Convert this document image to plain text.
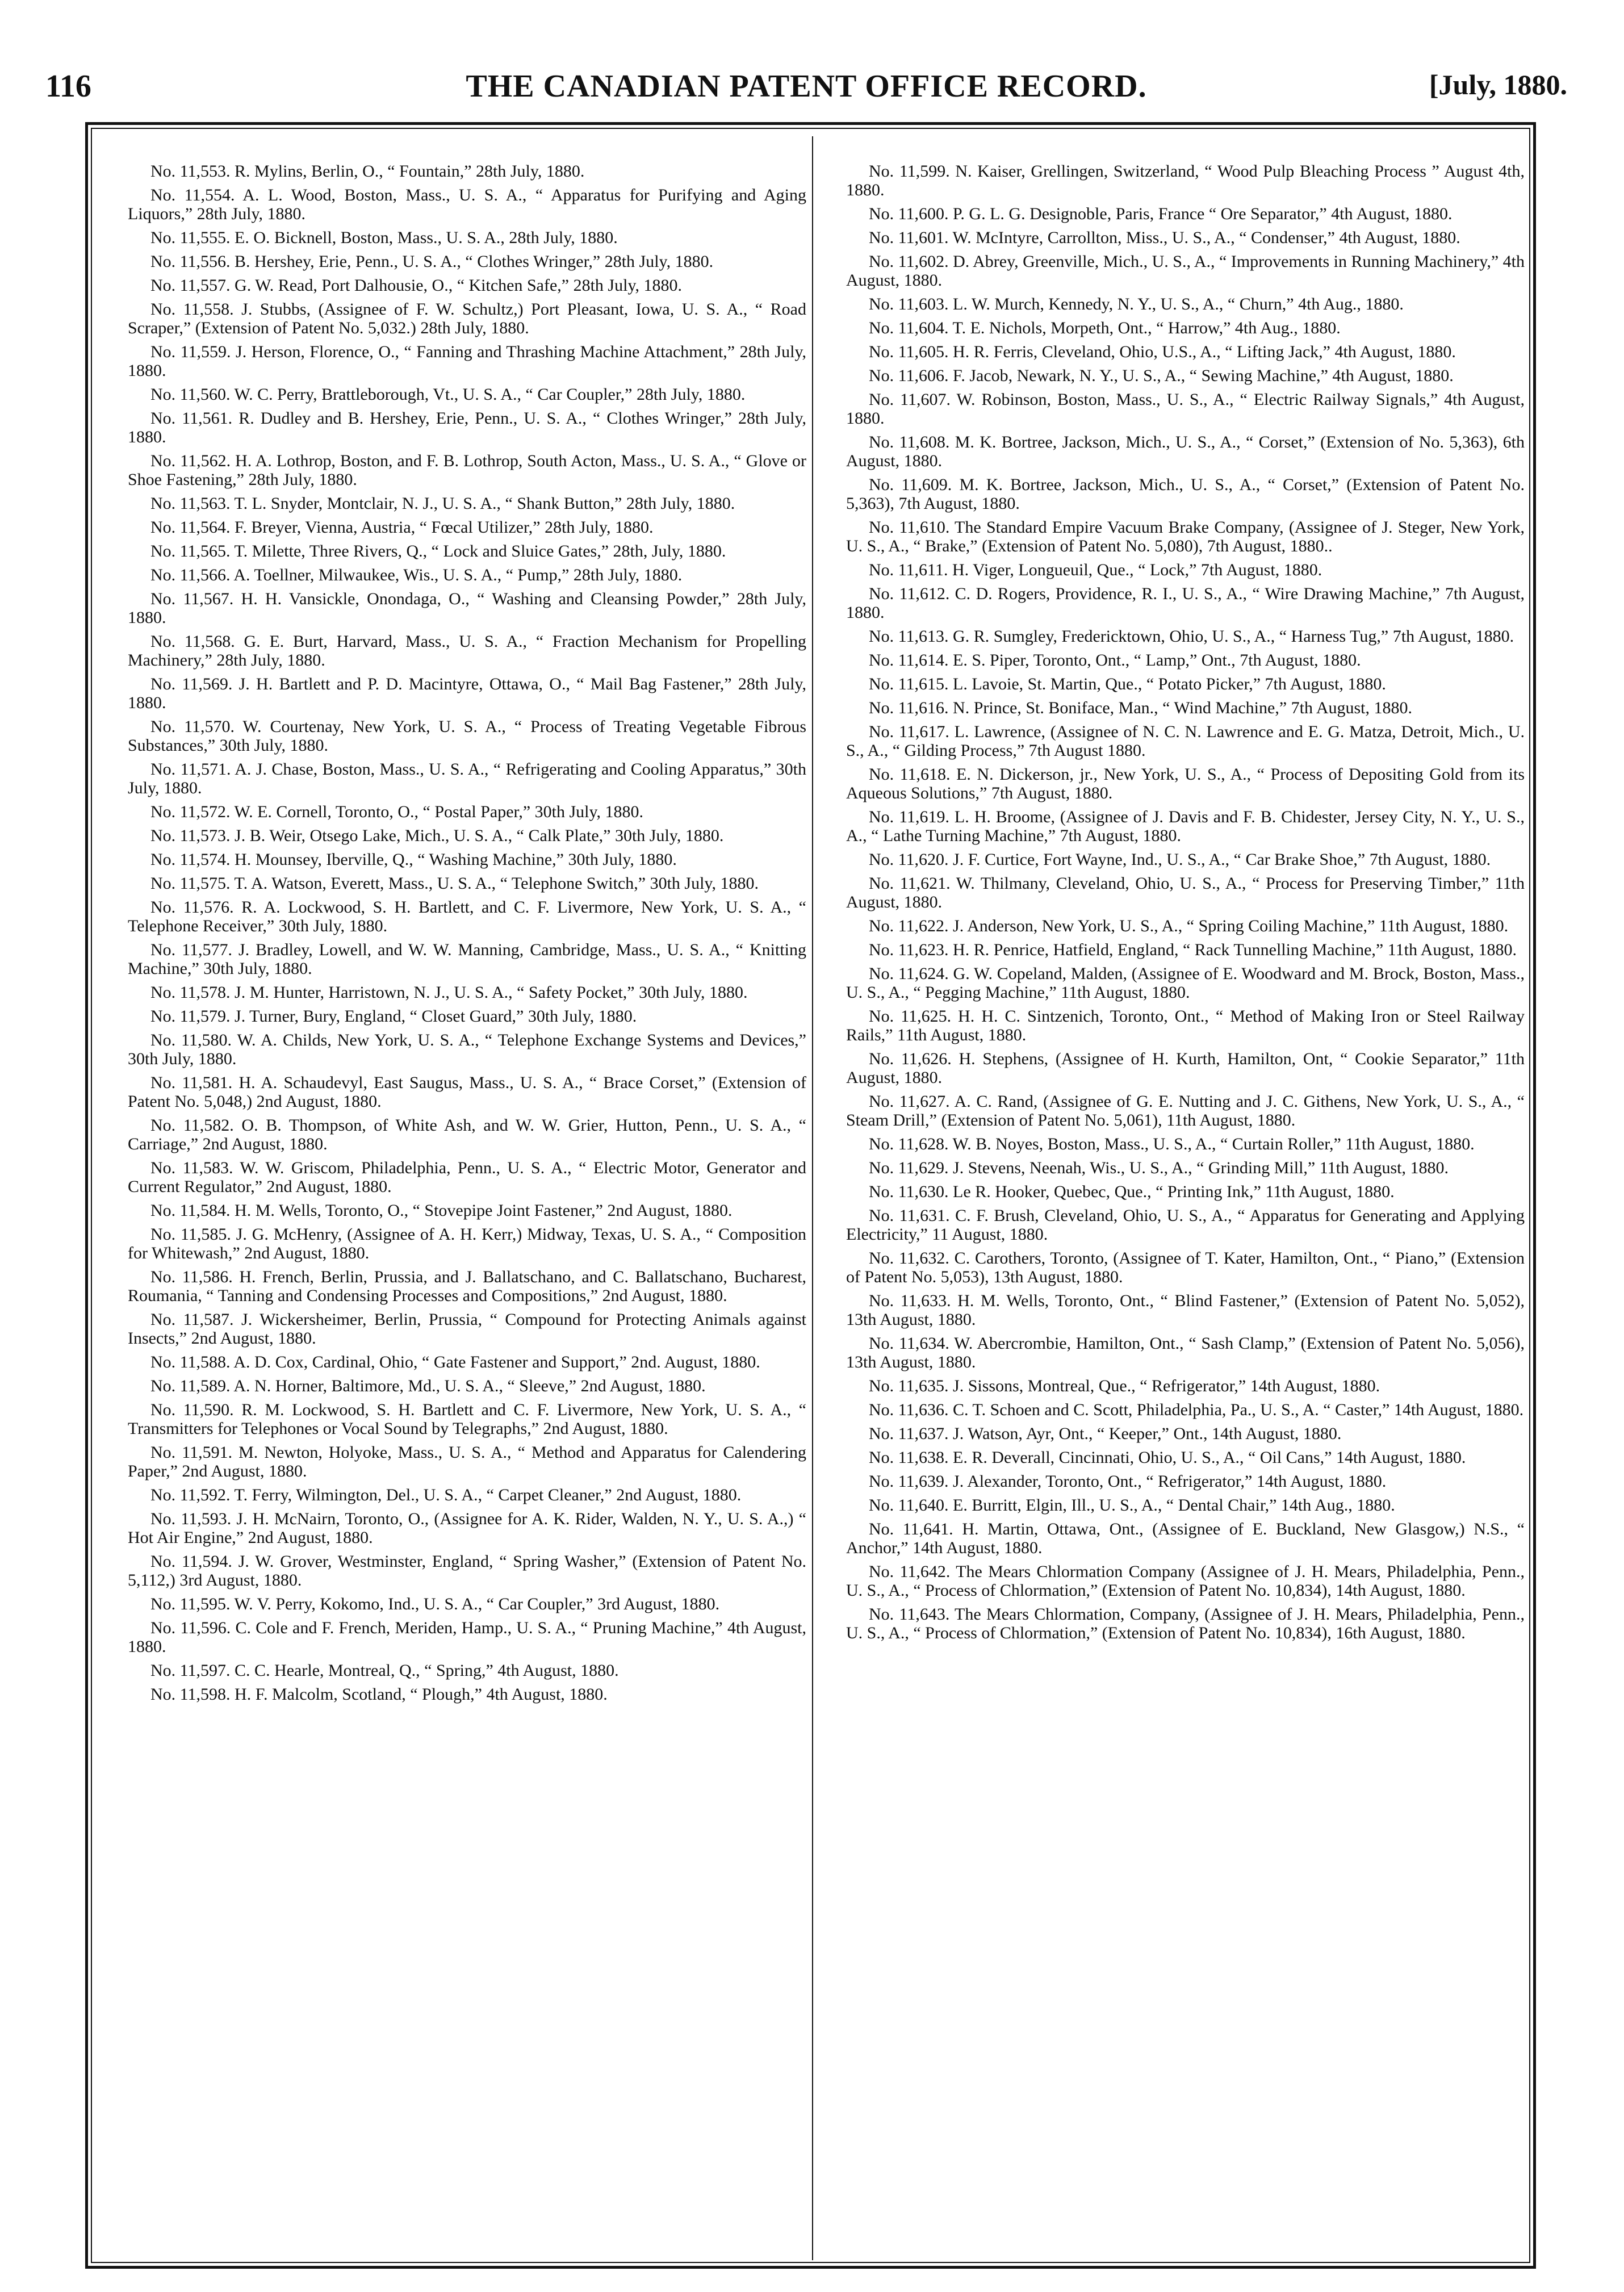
116	THE CANADIAN PATENT OFFICE RECORD.	[July, 1880.

No. 11,553. R. Mylins, Berlin, O., “ Fountain,” 28th July, 1880.

No. 11,554. A. L. Wood, Boston, Mass., U. S. A., “ Apparatus for Purifying and Aging Liquors,” 28th July, 1880.

No. 11,555. E. O. Bicknell, Boston, Mass., U. S. A., 28th July, 1880.

No. 11,556. B. Hershey, Erie, Penn., U. S. A., “ Clothes Wringer,” 28th July, 1880.

No. 11,557. G. W. Read, Port Dalhousie, O., “ Kitchen Safe,” 28th July, 1880.

No. 11,558. J. Stubbs, (Assignee of F. W. Schultz,) Port Pleasant, Iowa, U. S. A., “ Road Scraper,” (Extension of Patent No. 5,032.) 28th July, 1880.

No. 11,559. J. Herson, Florence, O., “ Fanning and Thrashing Machine Attachment,” 28th July, 1880.

No. 11,560. W. C. Perry, Brattleborough, Vt., U. S. A., “ Car Coupler,” 28th July, 1880.

No. 11,561. R. Dudley and B. Hershey, Erie, Penn., U. S. A., “ Clothes Wringer,” 28th July, 1880.

No. 11,562. H. A. Lothrop, Boston, and F. B. Lothrop, South Acton, Mass., U. S. A., “ Glove or Shoe Fastening,” 28th July, 1880.

No. 11,563. T. L. Snyder, Montclair, N. J., U. S. A., “ Shank Button,” 28th July, 1880.

No. 11,564. F. Breyer, Vienna, Austria, “ Fœcal Utilizer,” 28th July, 1880.

No. 11,565. T. Milette, Three Rivers, Q., “ Lock and Sluice Gates,” 28th, July, 1880.

No. 11,566. A. Toellner, Milwaukee, Wis., U. S. A., “ Pump,” 28th July, 1880.

No. 11,567. H. H. Vansickle, Onondaga, O., “ Washing and Cleansing Powder,” 28th July, 1880.

No. 11,568. G. E. Burt, Harvard, Mass., U. S. A., “ Fraction Mechanism for Propelling Machinery,” 28th July, 1880.

No. 11,569. J. H. Bartlett and P. D. Macintyre, Ottawa, O., “ Mail Bag Fastener,” 28th July, 1880.

No. 11,570. W. Courtenay, New York, U. S. A., “ Process of Treating Vegetable Fibrous Substances,” 30th July, 1880.

No. 11,571. A. J. Chase, Boston, Mass., U. S. A., “ Refrigerating and Cooling Apparatus,” 30th July, 1880.

No. 11,572. W. E. Cornell, Toronto, O., “ Postal Paper,” 30th July, 1880.

No. 11,573. J. B. Weir, Otsego Lake, Mich., U. S. A., “ Calk Plate,” 30th July, 1880.

No. 11,574. H. Mounsey, Iberville, Q., “ Washing Machine,” 30th July, 1880.

No. 11,575. T. A. Watson, Everett, Mass., U. S. A., “ Telephone Switch,” 30th July, 1880.

No. 11,576. R. A. Lockwood, S. H. Bartlett, and C. F. Livermore, New York, U. S. A., “ Telephone Receiver,” 30th July, 1880.

No. 11,577. J. Bradley, Lowell, and W. W. Manning, Cambridge, Mass., U. S. A., “ Knitting Machine,” 30th July, 1880.

No. 11,578. J. M. Hunter, Harristown, N. J., U. S. A., “ Safety Pocket,” 30th July, 1880.

No. 11,579. J. Turner, Bury, England, “ Closet Guard,” 30th July, 1880.

No. 11,580. W. A. Childs, New York, U. S. A., “ Telephone Exchange Systems and Devices,” 30th July, 1880.

No. 11,581. H. A. Schaudevyl, East Saugus, Mass., U. S. A., “ Brace Corset,” (Extension of Patent No. 5,048,) 2nd August, 1880.

No. 11,582. O. B. Thompson, of White Ash, and W. W. Grier, Hutton, Penn., U. S. A., “ Carriage,” 2nd August, 1880.

No. 11,583. W. W. Griscom, Philadelphia, Penn., U. S. A., “ Electric Motor, Generator and Current Regulator,” 2nd August, 1880.

No. 11,584. H. M. Wells, Toronto, O., “ Stovepipe Joint Fastener,” 2nd August, 1880.

No. 11,585. J. G. McHenry, (Assignee of A. H. Kerr,) Midway, Texas, U. S. A., “ Composition for Whitewash,” 2nd August, 1880.

No. 11,586. H. French, Berlin, Prussia, and J. Ballatschano, and C. Ballatschano, Bucharest, Roumania, “ Tanning and Condensing Processes and Compositions,” 2nd August, 1880.

No. 11,587. J. Wickersheimer, Berlin, Prussia, “ Compound for Protecting Animals against Insects,” 2nd August, 1880.

No. 11,588. A. D. Cox, Cardinal, Ohio, “ Gate Fastener and Support,” 2nd. August, 1880.

No. 11,589. A. N. Horner, Baltimore, Md., U. S. A., “ Sleeve,” 2nd August, 1880.

No. 11,590. R. M. Lockwood, S. H. Bartlett and C. F. Livermore, New York, U. S. A., “ Transmitters for Telephones or Vocal Sound by Telegraphs,” 2nd August, 1880.

No. 11,591. M. Newton, Holyoke, Mass., U. S. A., “ Method and Apparatus for Calendering Paper,” 2nd August, 1880.

No. 11,592. T. Ferry, Wilmington, Del., U. S. A., “ Carpet Cleaner,” 2nd August, 1880.

No. 11,593. J. H. McNairn, Toronto, O., (Assignee for A. K. Rider, Walden, N. Y., U. S. A.,) “ Hot Air Engine,” 2nd August, 1880.

No. 11,594. J. W. Grover, Westminster, England, “ Spring Washer,” (Extension of Patent No. 5,112,) 3rd August, 1880.

No. 11,595. W. V. Perry, Kokomo, Ind., U. S. A., “ Car Coupler,” 3rd August, 1880.

No. 11,596. C. Cole and F. French, Meriden, Hamp., U. S. A., “ Pruning Machine,” 4th August, 1880.

No. 11,597. C. C. Hearle, Montreal, Q., “ Spring,” 4th August, 1880.

No. 11,598. H. F. Malcolm, Scotland, “ Plough,” 4th August, 1880.

No. 11,599. N. Kaiser, Grellingen, Switzerland, “ Wood Pulp Bleaching Process ” August 4th, 1880.

No. 11,600. P. G. L. G. Designoble, Paris, France “ Ore Separator,” 4th August, 1880.

No. 11,601. W. McIntyre, Carrollton, Miss., U. S., A., “ Condenser,” 4th August, 1880.

No. 11,602. D. Abrey, Greenville, Mich., U. S., A., “ Improvements in Running Machinery,” 4th August, 1880.

No. 11,603. L. W. Murch, Kennedy, N. Y., U. S., A., “ Churn,” 4th Aug., 1880.

No. 11,604. T. E. Nichols, Morpeth, Ont., “ Harrow,” 4th Aug., 1880.

No. 11,605. H. R. Ferris, Cleveland, Ohio, U.S., A., “ Lifting Jack,” 4th August, 1880.

No. 11,606. F. Jacob, Newark, N. Y., U. S., A., “ Sewing Machine,” 4th August, 1880.

No. 11,607. W. Robinson, Boston, Mass., U. S., A., “ Electric Railway Signals,” 4th August, 1880.

No. 11,608. M. K. Bortree, Jackson, Mich., U. S., A., “ Corset,” (Extension of No. 5,363), 6th August, 1880.

No. 11,609. M. K. Bortree, Jackson, Mich., U. S., A., “ Corset,” (Extension of Patent No. 5,363), 7th August, 1880.

No. 11,610. The Standard Empire Vacuum Brake Company, (Assignee of J. Steger, New York, U. S., A., “ Brake,” (Extension of Patent No. 5,080), 7th August, 1880..

No. 11,611. H. Viger, Longueuil, Que., “ Lock,” 7th August, 1880.

No. 11,612. C. D. Rogers, Providence, R. I., U. S., A., “ Wire Drawing Machine,” 7th August, 1880.

No. 11,613. G. R. Sumgley, Fredericktown, Ohio, U. S., A., “ Harness Tug,” 7th August, 1880.

No. 11,614. E. S. Piper, Toronto, Ont., “ Lamp,” Ont., 7th August, 1880.

No. 11,615. L. Lavoie, St. Martin, Que., “ Potato Picker,” 7th August, 1880.

No. 11,616. N. Prince, St. Boniface, Man., “ Wind Machine,” 7th August, 1880.

No. 11,617. L. Lawrence, (Assignee of N. C. N. Lawrence and E. G. Matza, Detroit, Mich., U. S., A., “ Gilding Process,” 7th August 1880.

No. 11,618. E. N. Dickerson, jr., New York, U. S., A., “ Process of Depositing Gold from its Aqueous Solutions,” 7th August, 1880.

No. 11,619. L. H. Broome, (Assignee of J. Davis and F. B. Chidester, Jersey City, N. Y., U. S., A., “ Lathe Turning Machine,” 7th August, 1880.

No. 11,620. J. F. Curtice, Fort Wayne, Ind., U. S., A., “ Car Brake Shoe,” 7th August, 1880.

No. 11,621. W. Thilmany, Cleveland, Ohio, U. S., A., “ Process for Preserving Timber,” 11th August, 1880.

No. 11,622. J. Anderson, New York, U. S., A., “ Spring Coiling Machine,” 11th August, 1880.

No. 11,623. H. R. Penrice, Hatfield, England, “ Rack Tunnelling Machine,” 11th August, 1880.

No. 11,624. G. W. Copeland, Malden, (Assignee of E. Woodward and M. Brock, Boston, Mass., U. S., A., “ Pegging Machine,” 11th August, 1880.

No. 11,625. H. H. C. Sintzenich, Toronto, Ont., “ Method of Making Iron or Steel Railway Rails,” 11th August, 1880.

No. 11,626. H. Stephens, (Assignee of H. Kurth, Hamilton, Ont, “ Cookie Separator,” 11th August, 1880.

No. 11,627. A. C. Rand, (Assignee of G. E. Nutting and J. C. Githens, New York, U. S., A., “ Steam Drill,” (Extension of Patent No. 5,061), 11th August, 1880.

No. 11,628. W. B. Noyes, Boston, Mass., U. S., A., “ Curtain Roller,” 11th August, 1880.

No. 11,629. J. Stevens, Neenah, Wis., U. S., A., “ Grinding Mill,” 11th August, 1880.

No. 11,630. Le R. Hooker, Quebec, Que., “ Printing Ink,” 11th August, 1880.

No. 11,631. C. F. Brush, Cleveland, Ohio, U. S., A., “ Apparatus for Generating and Applying Electricity,” 11 August, 1880.

No. 11,632. C. Carothers, Toronto, (Assignee of T. Kater, Hamilton, Ont., “ Piano,” (Extension of Patent No. 5,053), 13th August, 1880.

No. 11,633. H. M. Wells, Toronto, Ont., “ Blind Fastener,” (Extension of Patent No. 5,052), 13th August, 1880.

No. 11,634. W. Abercrombie, Hamilton, Ont., “ Sash Clamp,” (Extension of Patent No. 5,056), 13th August, 1880.

No. 11,635. J. Sissons, Montreal, Que., “ Refrigerator,” 14th August, 1880.

No. 11,636. C. T. Schoen and C. Scott, Philadelphia, Pa., U. S., A. “ Caster,” 14th August, 1880.

No. 11,637. J. Watson, Ayr, Ont., “ Keeper,” Ont., 14th August, 1880.

No. 11,638. E. R. Deverall, Cincinnati, Ohio, U. S., A., “ Oil Cans,” 14th August, 1880.

No. 11,639. J. Alexander, Toronto, Ont., “ Refrigerator,” 14th August, 1880.

No. 11,640. E. Burritt, Elgin, Ill., U. S., A., “ Dental Chair,” 14th Aug., 1880.

No. 11,641. H. Martin, Ottawa, Ont., (Assignee of E. Buckland, New Glasgow,) N.S., “ Anchor,” 14th August, 1880.

No. 11,642. The Mears Chlormation Company (Assignee of J. H. Mears, Philadelphia, Penn., U. S., A., “ Process of Chlormation,” (Extension of Patent No. 10,834), 14th August, 1880.

No. 11,643. The Mears Chlormation, Company, (Assignee of J. H. Mears, Philadelphia, Penn., U. S., A., “ Process of Chlormation,” (Extension of Patent No. 10,834), 16th August, 1880.
